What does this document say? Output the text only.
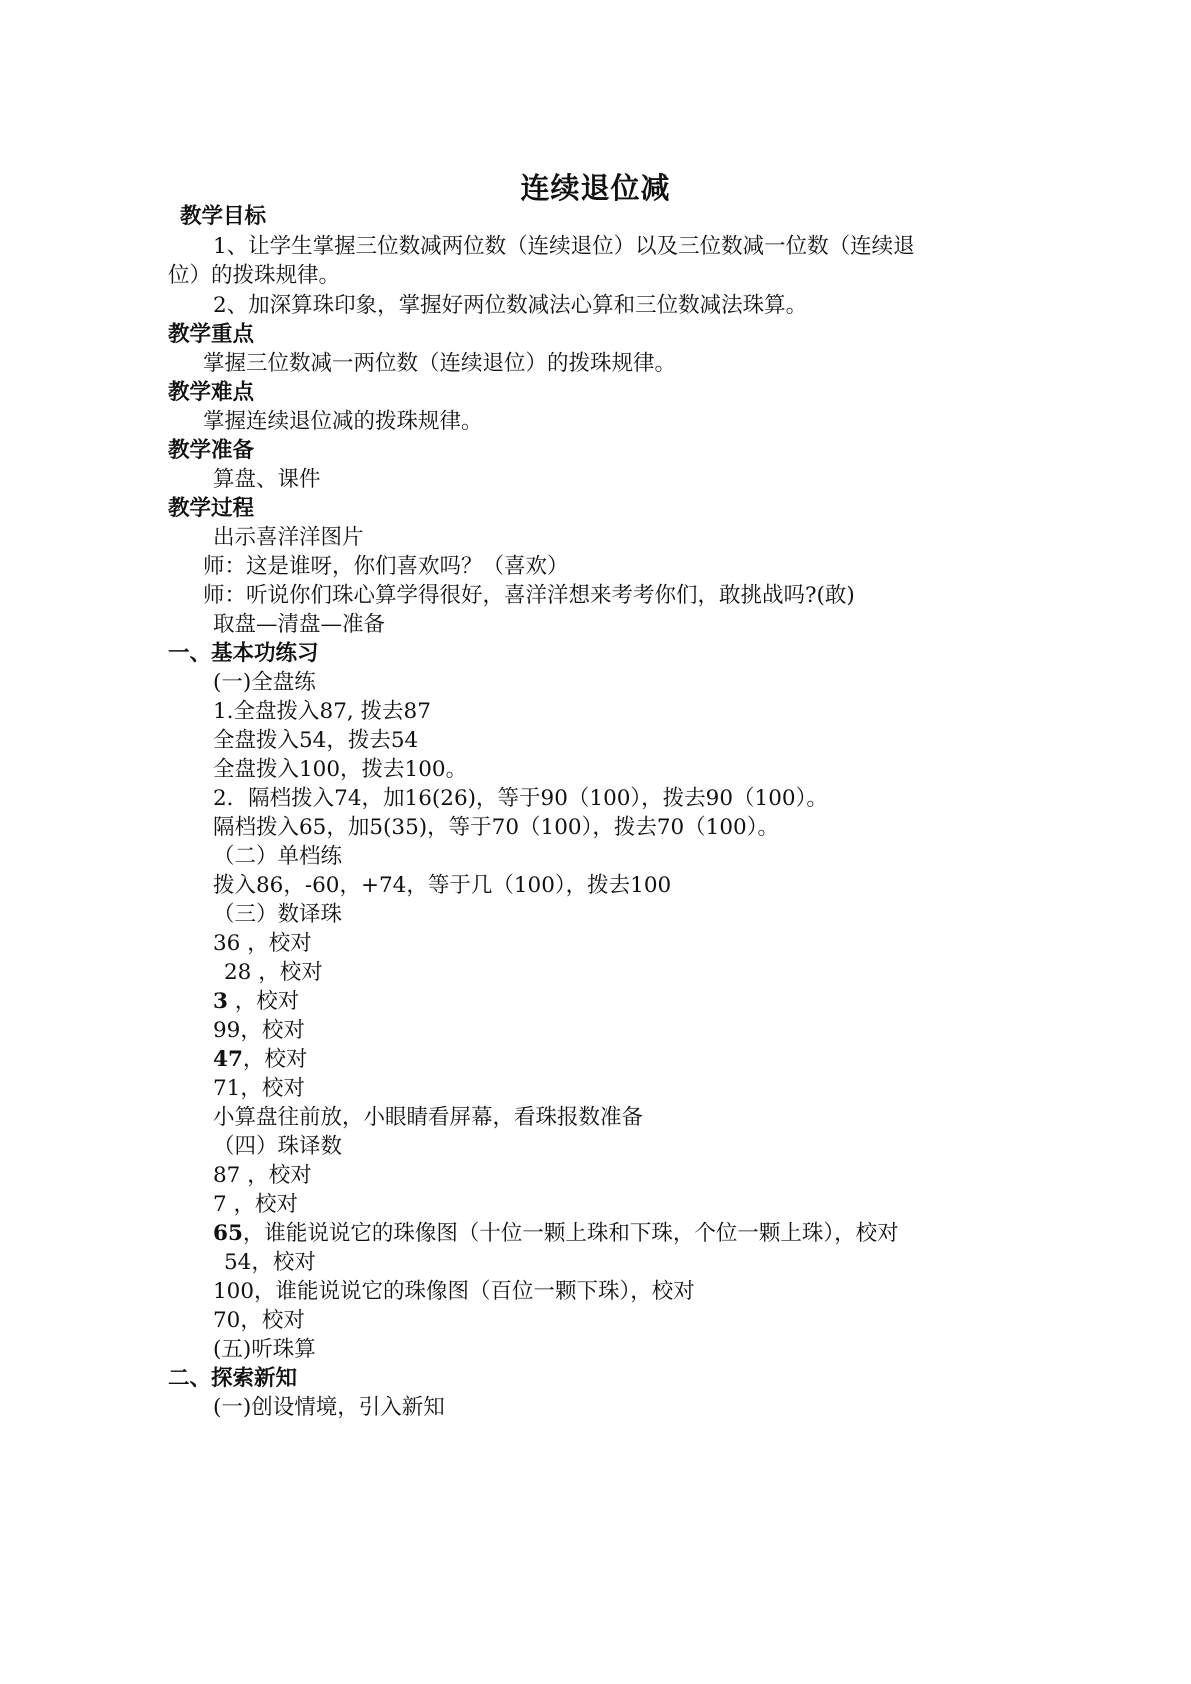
连续退位减
教学目标
1、让学生掌握三位数减两位数（连续退位）以及三位数减一位数（连续退
位）的拨珠规律。
2、加深算珠印象，掌握好两位数减法心算和三位数减法珠算。
教学重点
掌握三位数减一两位数（连续退位）的拨珠规律。
教学难点
掌握连续退位减的拨珠规律。
教学准备
算盘、课件
教学过程
出示喜洋洋图片
师：这是谁呀，你们喜欢吗？（喜欢）
师：听说你们珠心算学得很好，喜洋洋想来考考你们，敢挑战吗?(敢)
取盘—清盘—准备
一、基本功练习
(一)全盘练
1.全盘拨入87, 拨去87
全盘拨入54，拨去54
全盘拨入100，拨去100。
2．隔档拨入74，加16(26)，等于90（100），拨去90（100）。
隔档拨入65，加5(35)，等于70（100），拨去70（100）。
（二）单档练
拨入86，-60，+74，等于几（100），拨去100
（三）数译珠
36 ，校对
28 ，校对
3 ，校对
99，校对
47，校对
71，校对
小算盘往前放，小眼睛看屏幕，看珠报数准备
（四）珠译数
87 ，校对
7 ，校对
65，谁能说说它的珠像图（十位一颗上珠和下珠，个位一颗上珠），校对
54，校对
100，谁能说说它的珠像图（百位一颗下珠），校对
70，校对
(五)听珠算
二、探索新知
(一)创设情境，引入新知
